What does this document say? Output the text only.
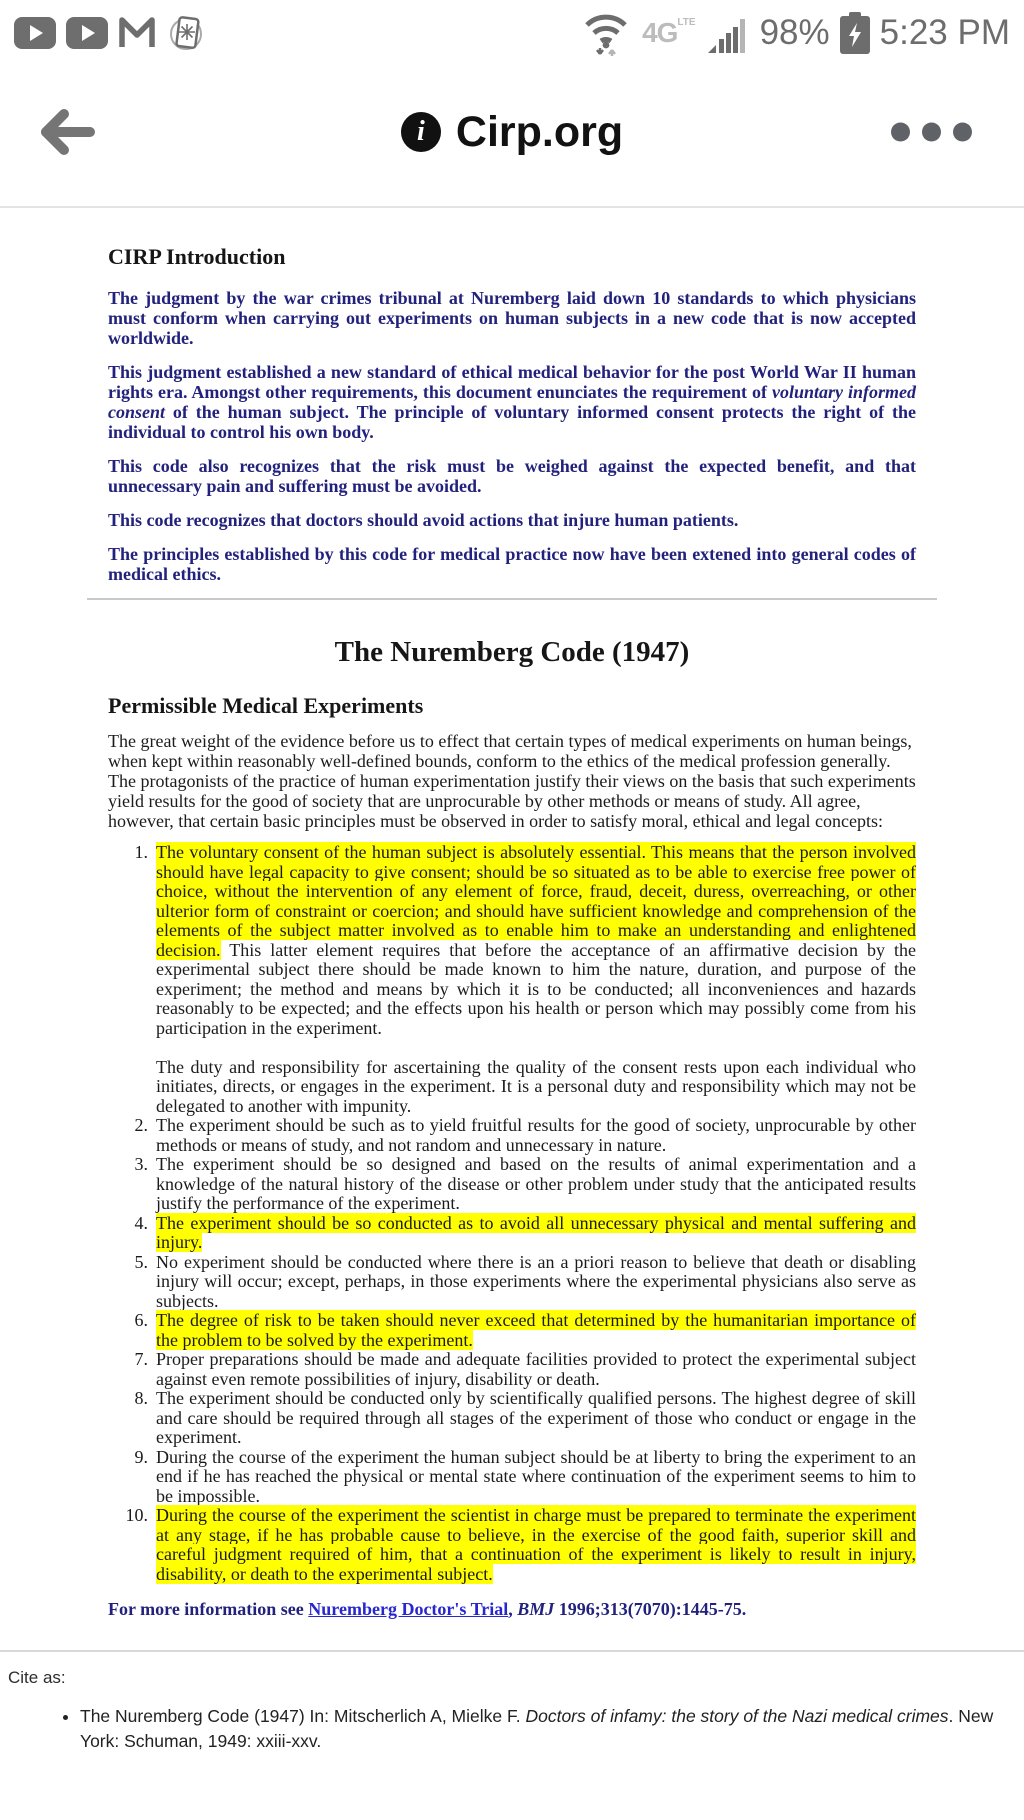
$4G^{LTE}$ 98% 5:23 PM
i Cirp.org
CIRP Introduction

The judgment by the war crimes tribunal at Nuremberg laid down 10 standards to which physicians must conform when carrying out experiments on human subjects in a new code that is now accepted worldwide.

This judgment established a new standard of ethical medical behavior for the post World War II human rights era. Amongst other requirements, this document enunciates the requirement of voluntary informed consent of the human subject. The principle of voluntary informed consent protects the right of the individual to control his own body.

This code also recognizes that the risk must be weighed against the expected benefit, and that unnecessary pain and suffering must be avoided.

This code recognizes that doctors should avoid actions that injure human patients.

The principles established by this code for medical practice now have been extened into general codes of medical ethics.

The Nuremberg Code (1947)
Permissible Medical Experiments

The great weight of the evidence before us to effect that certain types of medical experiments on human beings, when kept within reasonably well-defined bounds, conform to the ethics of the medical profession generally. The protagonists of the practice of human experimentation justify their views on the basis that such experiments yield results for the good of society that are unprocurable by other methods or means of study. All agree, however, that certain basic principles must be observed in order to satisfy moral, ethical and legal concepts:

1. The voluntary consent of the human subject is absolutely essential. This means that the person involved should have legal capacity to give consent; should be so situated as to be able to exercise free power of choice, without the intervention of any element of force, fraud, deceit, duress, overreaching, or other ulterior form of constraint or coercion; and should have sufficient knowledge and comprehension of the elements of the subject matter involved as to enable him to make an understanding and enlightened decision. This latter element requires that before the acceptance of an affirmative decision by the experimental subject there should be made known to him the nature, duration, and purpose of the experiment; the method and means by which it is to be conducted; all inconveniences and hazards reasonably to be expected; and the effects upon his health or person which may possibly come from his participation in the experiment.
The duty and responsibility for ascertaining the quality of the consent rests upon each individual who initiates, directs, or engages in the experiment. It is a personal duty and responsibility which may not be delegated to another with impunity.
2. The experiment should be such as to yield fruitful results for the good of society, unprocurable by other methods or means of study, and not random and unnecessary in nature.
3. The experiment should be so designed and based on the results of animal experimentation and a knowledge of the natural history of the disease or other problem under study that the anticipated results justify the performance of the experiment.
4. The experiment should be so conducted as to avoid all unnecessary physical and mental suffering and injury.
5. No experiment should be conducted where there is an a priori reason to believe that death or disabling injury will occur; except, perhaps, in those experiments where the experimental physicians also serve as subjects.
6. The degree of risk to be taken should never exceed that determined by the humanitarian importance of the problem to be solved by the experiment.
7. Proper preparations should be made and adequate facilities provided to protect the experimental subject against even remote possibilities of injury, disability or death.
8. The experiment should be conducted only by scientifically qualified persons. The highest degree of skill and care should be required through all stages of the experiment of those who conduct or engage in the experiment.
9. During the course of the experiment the human subject should be at liberty to bring the experiment to an end if he has reached the physical or mental state where continuation of the experiment seems to him to be impossible.
10. During the course of the experiment the scientist in charge must be prepared to terminate the experiment at any stage, if he has probable cause to believe, in the exercise of the good faith, superior skill and careful judgment required of him, that a continuation of the experiment is likely to result in injury, disability, or death to the experimental subject.

For more information see Nuremberg Doctor's Trial, BMJ 1996;313(7070):1445-75.

Cite as:
• The Nuremberg Code (1947) In: Mitscherlich A, Mielke F. Doctors of infamy: the story of the Nazi medical crimes. New York: Schuman, 1949: xxiii-xxv.
